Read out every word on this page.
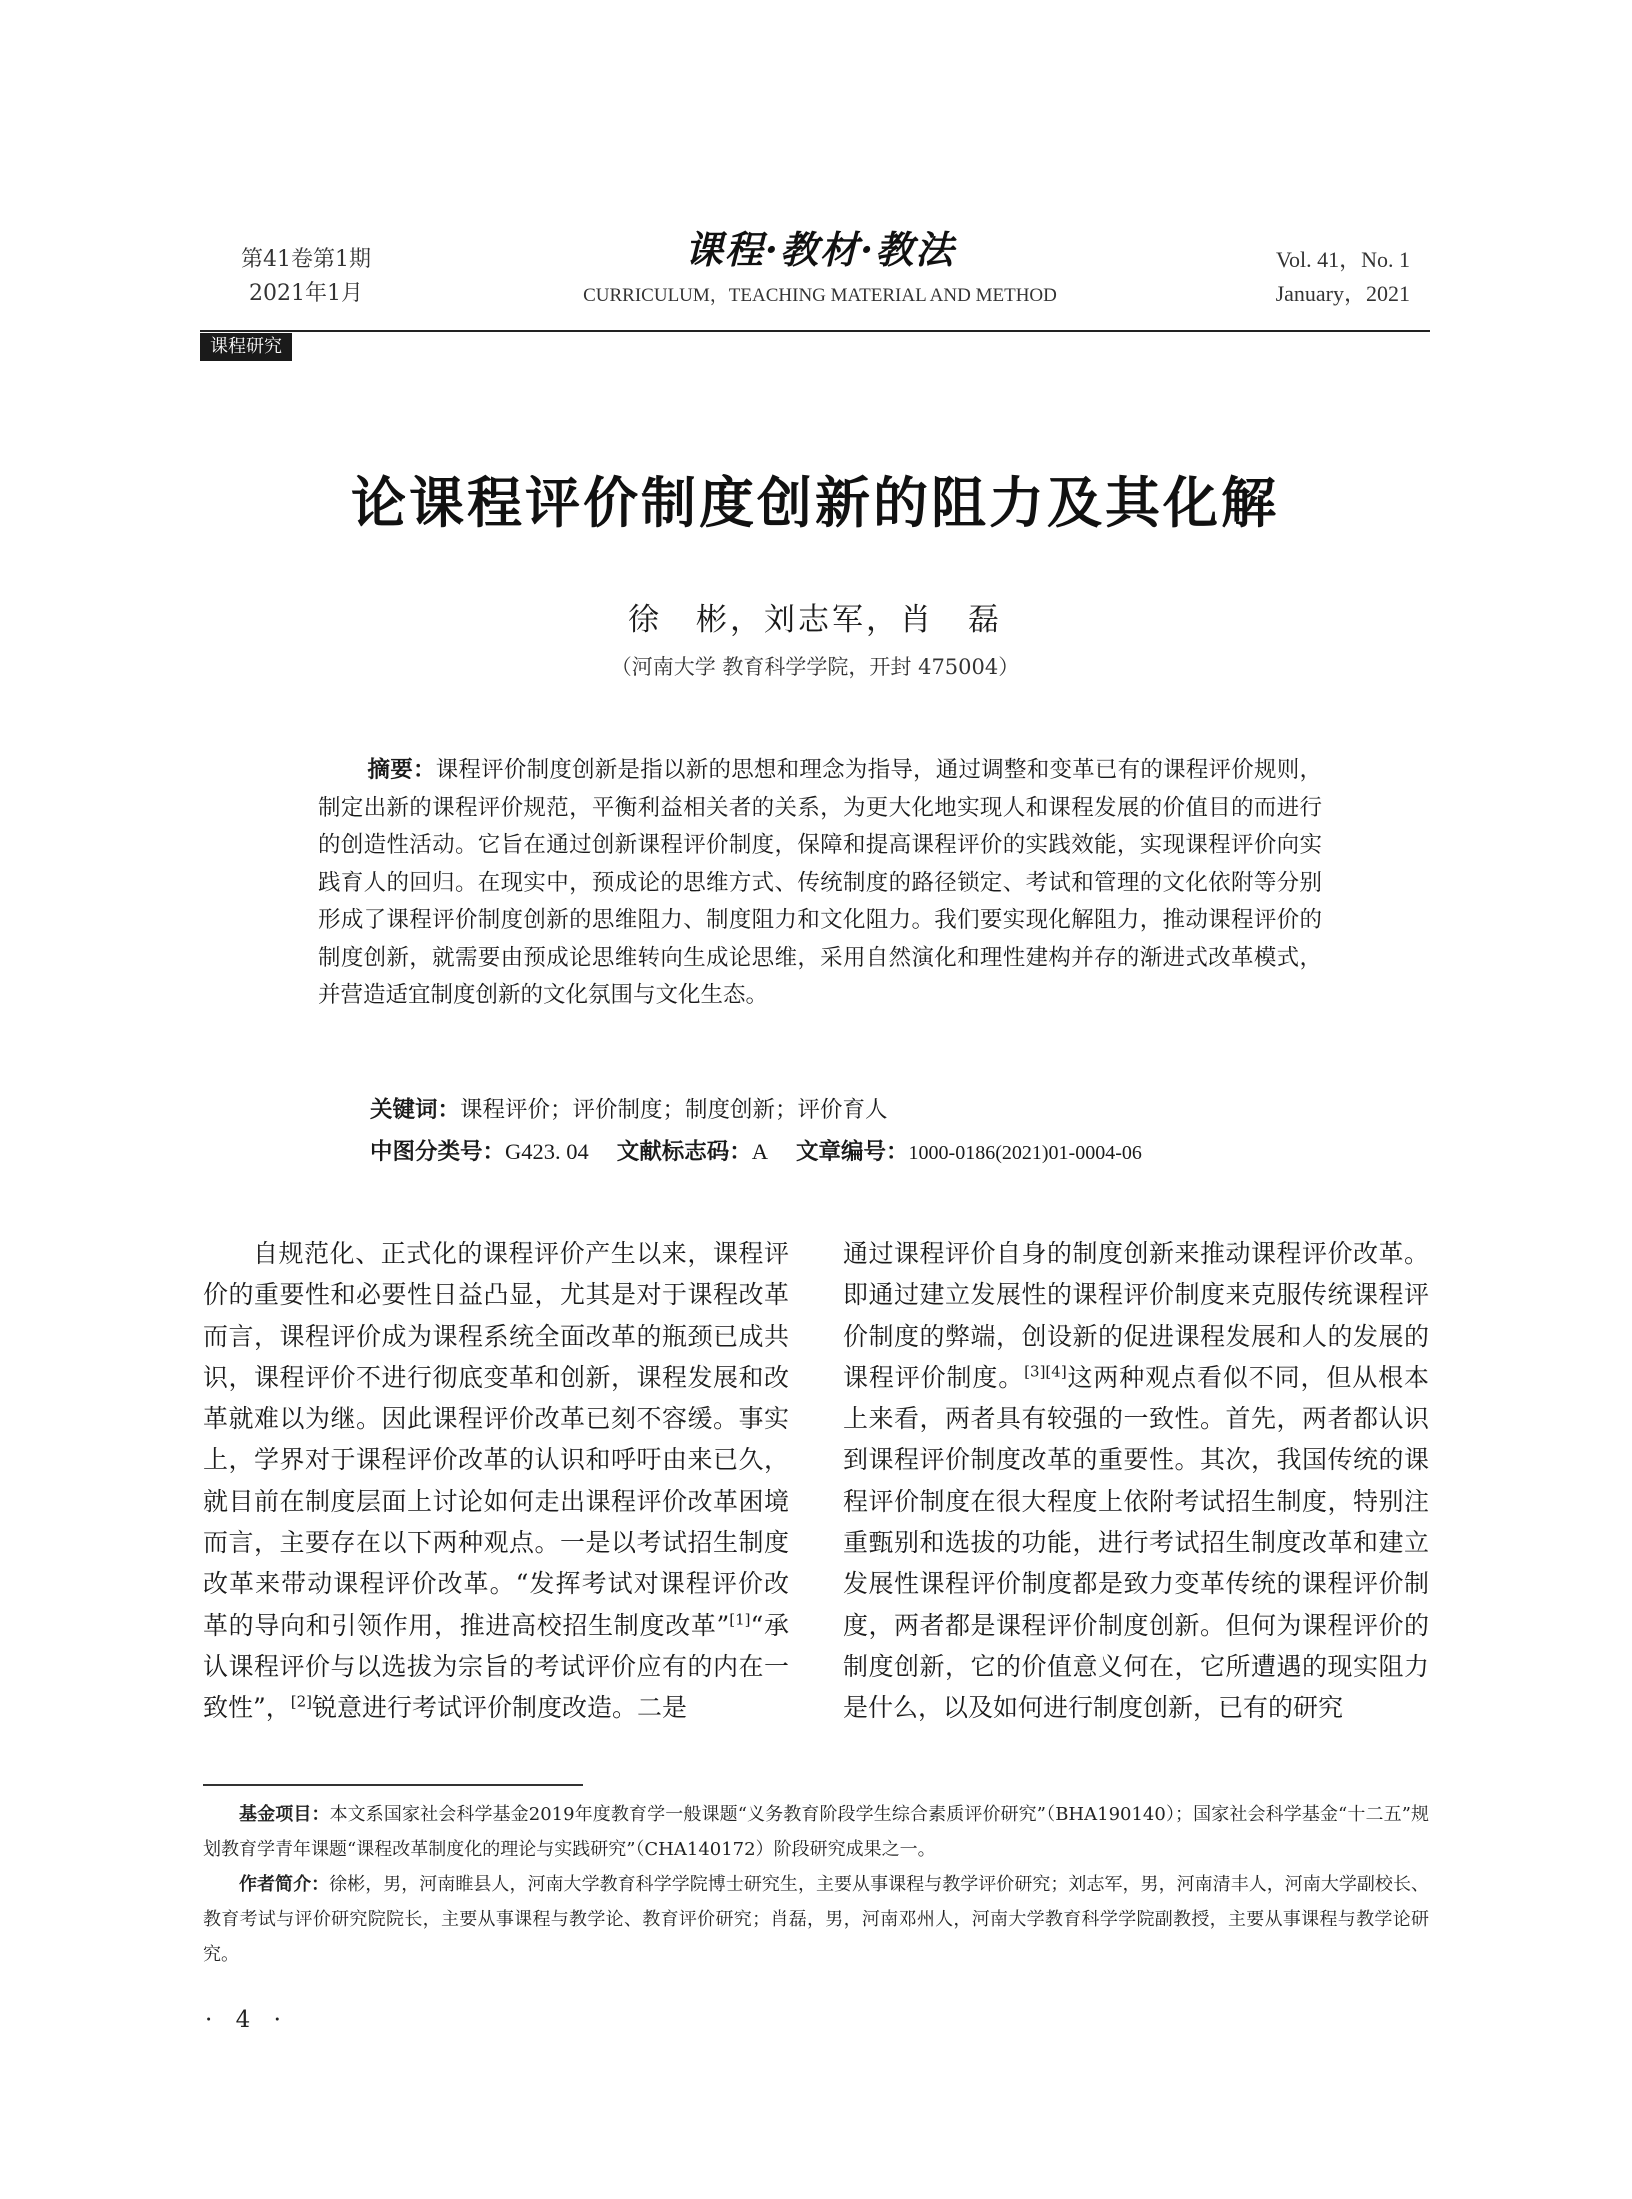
第41卷第1期
2021年1月
课程·教材·教法
CURRICULUM，TEACHING MATERIAL AND METHOD
Vol. 41，No. 1
January，2021
课程研究
论课程评价制度创新的阻力及其化解
徐　彬，刘志军，肖　磊
（河南大学 教育科学学院，开封 475004）

摘要：课程评价制度创新是指以新的思想和理念为指导，通过调整和变革已有的课程评价规则，制定出新的课程评价规范，平衡利益相关者的关系，为更大化地实现人和课程发展的价值目的而进行的创造性活动。它旨在通过创新课程评价制度，保障和提高课程评价的实践效能，实现课程评价向实践育人的回归。在现实中，预成论的思维方式、传统制度的路径锁定、考试和管理的文化依附等分别形成了课程评价制度创新的思维阻力、制度阻力和文化阻力。我们要实现化解阻力，推动课程评价的制度创新，就需要由预成论思维转向生成论思维，采用自然演化和理性建构并存的渐进式改革模式，并营造适宜制度创新的文化氛围与文化生态。

关键词：课程评价；评价制度；制度创新；评价育人
中图分类号：G423. 04 文献标志码：A 文章编号：1000-0186(2021)01-0004-06

自规范化、正式化的课程评价产生以来，课程评价的重要性和必要性日益凸显，尤其是对于课程改革而言，课程评价成为课程系统全面改革的瓶颈已成共识，课程评价不进行彻底变革和创新，课程发展和改革就难以为继。因此课程评价改革已刻不容缓。事实上，学界对于课程评价改革的认识和呼吁由来已久，就目前在制度层面上讨论如何走出课程评价改革困境而言，主要存在以下两种观点。一是以考试招生制度改革来带动课程评价改革。“发挥考试对课程评价改革的导向和引领作用，推进高校招生制度改革”[1]“承认课程评价与以选拔为宗旨的考试评价应有的内在一致性”，[2]锐意进行考试评价制度改造。二是

通过课程评价自身的制度创新来推动课程评价改革。即通过建立发展性的课程评价制度来克服传统课程评价制度的弊端，创设新的促进课程发展和人的发展的课程评价制度。[3][4]这两种观点看似不同，但从根本上来看，两者具有较强的一致性。首先，两者都认识到课程评价制度改革的重要性。其次，我国传统的课程评价制度在很大程度上依附考试招生制度，特别注重甄别和选拔的功能，进行考试招生制度改革和建立发展性课程评价制度都是致力变革传统的课程评价制度，两者都是课程评价制度创新。但何为课程评价的制度创新，它的价值意义何在，它所遭遇的现实阻力是什么，以及如何进行制度创新，已有的研究

基金项目：本文系国家社会科学基金2019年度教育学一般课题“义务教育阶段学生综合素质评价研究”（BHA190140）；国家社会科学基金“十二五”规划教育学青年课题“课程改革制度化的理论与实践研究”（CHA140172）阶段研究成果之一。

作者简介：徐彬，男，河南睢县人，河南大学教育科学学院博士研究生，主要从事课程与教学评价研究；刘志军，男，河南清丰人，河南大学副校长、教育考试与评价研究院院长，主要从事课程与教学论、教育评价研究；肖磊，男，河南邓州人，河南大学教育科学学院副教授，主要从事课程与教学论研究。

· 4 ·
